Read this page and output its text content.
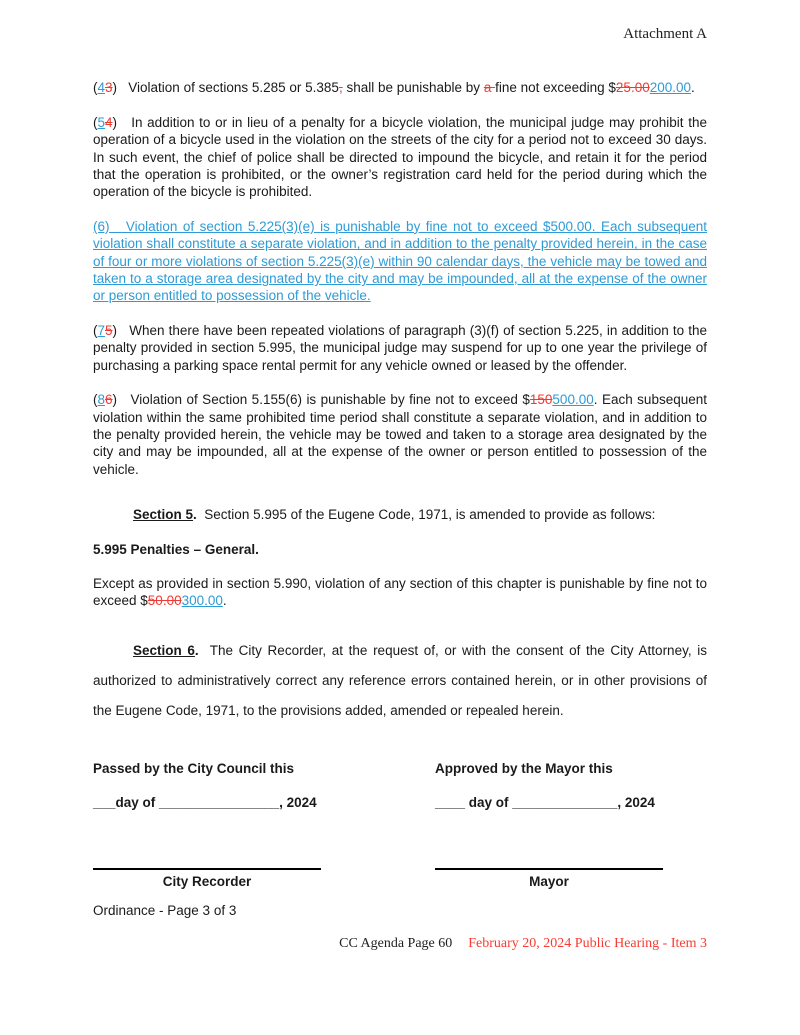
Attachment A
(43)   Violation of sections 5.285 or 5.385, shall be punishable by a fine not exceeding $25.00200.00.
(54)   In addition to or in lieu of a penalty for a bicycle violation, the municipal judge may prohibit the operation of a bicycle used in the violation on the streets of the city for a period not to exceed 30 days. In such event, the chief of police shall be directed to impound the bicycle, and retain it for the period that the operation is prohibited, or the owner’s registration card held for the period during which the operation of the bicycle is prohibited.
(6)   Violation of section 5.225(3)(e) is punishable by fine not to exceed $500.00. Each subsequent violation shall constitute a separate violation, and in addition to the penalty provided herein, in the case of four or more violations of section 5.225(3)(e) within 90 calendar days, the vehicle may be towed and taken to a storage area designated by the city and may be impounded, all at the expense of the owner or person entitled to possession of the vehicle.
(75)   When there have been repeated violations of paragraph (3)(f) of section 5.225, in addition to the penalty provided in section 5.995, the municipal judge may suspend for up to one year the privilege of purchasing a parking space rental permit for any vehicle owned or leased by the offender.
(86)   Violation of Section 5.155(6) is punishable by fine not to exceed $150500.00. Each subsequent violation within the same prohibited time period shall constitute a separate violation, and in addition to the penalty provided herein, the vehicle may be towed and taken to a storage area designated by the city and may be impounded, all at the expense of the owner or person entitled to possession of the vehicle.
Section 5.  Section 5.995 of the Eugene Code, 1971, is amended to provide as follows:
5.995 Penalties – General.
Except as provided in section 5.990, violation of any section of this chapter is punishable by fine not to exceed $50.00300.00.
Section 6.  The City Recorder, at the request of, or with the consent of the City Attorney, is authorized to administratively correct any reference errors contained herein, or in other provisions of the Eugene Code, 1971, to the provisions added, amended or repealed herein.
Passed by the City Council this
___day of ________________, 2024
City Recorder
Approved by the Mayor this
____ day of ______________, 2024
Mayor
Ordinance - Page 3 of 3
CC Agenda Page 60 February 20, 2024 Public Hearing - Item 3
